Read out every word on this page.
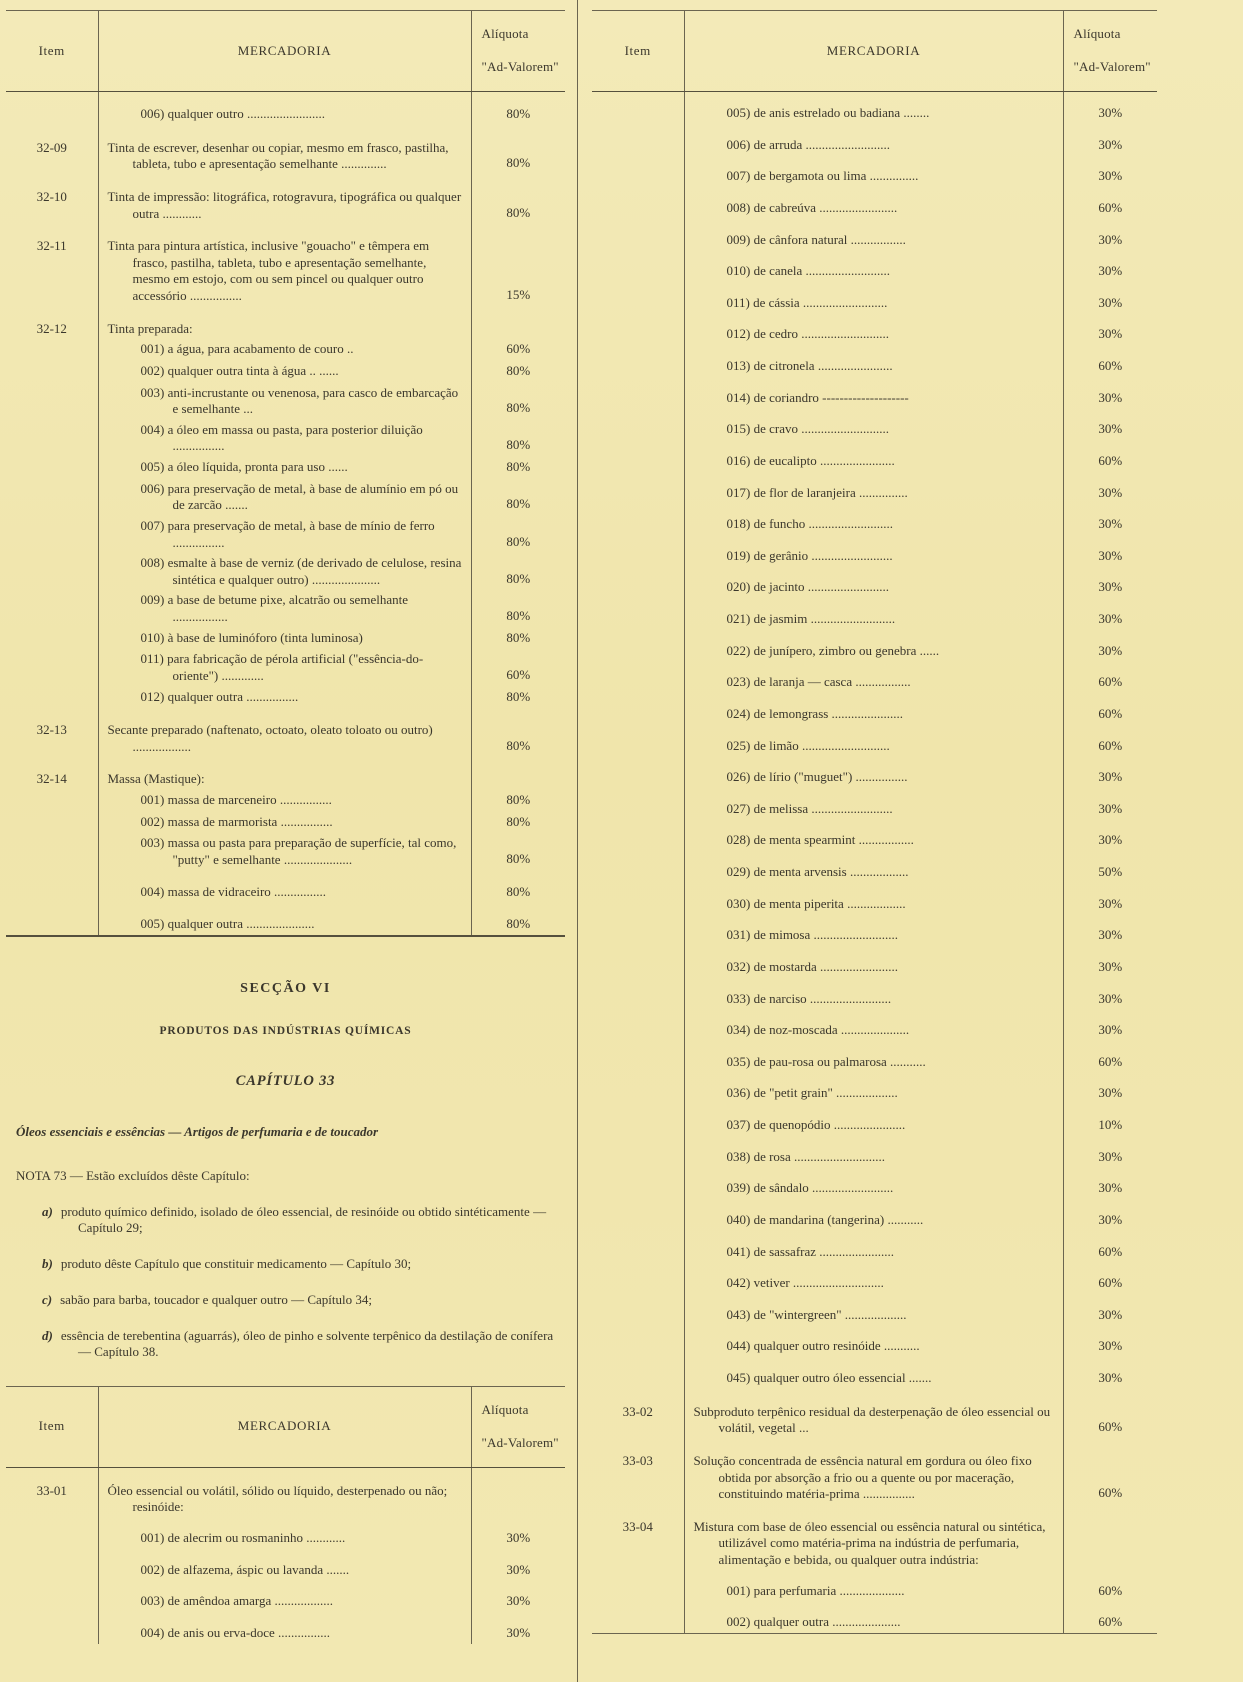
Item	MERCADORIA	Alíquota
"Ad-Valorem"

	006) qualquer outro ........................	80%
32-09	Tinta de escrever, desenhar ou copiar, mesmo em frasco, pastilha, tableta, tubo e apresentação semelhante ..............	80%
32-10	Tinta de impressão: litográfica, rotogravura, tipográfica ou qualquer outra ............	80%
32-11	Tinta para pintura artística, inclusive "gouacho" e têmpera em frasco, pastilha, tableta, tubo e apresentação semelhante, mesmo em estojo, com ou sem pincel ou qualquer outro accessório ................	15%
32-12	Tinta preparada:	
	001) a água, para acabamento de couro ..	60%
	002) qualquer outra tinta à água .. ......	80%
	003) anti-incrustante ou venenosa, para casco de embarcação e semelhante ...	80%
	004) a óleo em massa ou pasta, para posterior diluição ................	80%
	005) a óleo líquida, pronta para uso ......	80%
	006) para preservação de metal, à base de alumínio em pó ou de zarcão .......	80%
	007) para preservação de metal, à base de mínio de ferro ................	80%
	008) esmalte à base de verniz (de derivado de celulose, resina sintética e qualquer outro) .....................	80%
	009) a base de betume pixe, alcatrão ou semelhante .................	80%
	010) à base de luminóforo (tinta luminosa)	80%
	011) para fabricação de pérola artificial ("essência-do-oriente") .............	60%
	012) qualquer outra ................	80%
32-13	Secante preparado (naftenato, octoato, oleato toloato ou outro) ..................	80%
32-14	Massa (Mastique):	
	001) massa de marceneiro ................	80%
	002) massa de marmorista ................	80%
	003) massa ou pasta para preparação de superfície, tal como, "putty" e semelhante .....................	80%
	004) massa de vidraceiro ................	80%
	005) qualquer outra .....................	80%

SECÇÃO VI

PRODUTOS DAS INDÚSTRIAS QUÍMICAS

CAPÍTULO 33

Óleos essenciais e essências — Artigos de perfumaria e de toucador

NOTA 73 — Estão excluídos dêste Capítulo:

a) produto químico definido, isolado de óleo essencial, de resinóide ou obtido sintéticamente — Capítulo 29;

b) produto dêste Capítulo que constituir medicamento — Capítulo 30;

c) sabão para barba, toucador e qualquer outro — Capítulo 34;

d) essência de terebentina (aguarrás), óleo de pinho e solvente terpênico da destilação de conífera — Capítulo 38.

Item	MERCADORIA	Alíquota
"Ad-Valorem"

33-01	Óleo essencial ou volátil, sólido ou líquido, desterpenado ou não; resinóide:	
	001) de alecrim ou rosmaninho ............	30%
	002) de alfazema, áspic ou lavanda .......	30%
	003) de amêndoa amarga ..................	30%
	004) de anis ou erva-doce ................	30%
Item	MERCADORIA	Alíquota
"Ad-Valorem"

	005) de anis estrelado ou badiana ........	30%
	006) de arruda ..........................	30%
	007) de bergamota ou lima ...............	30%
	008) de cabreúva ........................	60%
	009) de cânfora natural .................	30%
	010) de canela ..........................	30%
	011) de cássia ..........................	30%
	012) de cedro ...........................	30%
	013) de citronela .......................	60%
	014) de coriandro --------------------	30%
	015) de cravo ...........................	30%
	016) de eucalipto .......................	60%
	017) de flor de laranjeira ...............	30%
	018) de funcho ..........................	30%
	019) de gerânio .........................	30%
	020) de jacinto .........................	30%
	021) de jasmim ..........................	30%
	022) de junípero, zimbro ou genebra ......	30%
	023) de laranja — casca .................	60%
	024) de lemongrass ......................	60%
	025) de limão ...........................	60%
	026) de lírio ("muguet") ................	30%
	027) de melissa .........................	30%
	028) de menta spearmint .................	30%
	029) de menta arvensis ..................	50%
	030) de menta piperita ..................	30%
	031) de mimosa ..........................	30%
	032) de mostarda ........................	30%
	033) de narciso .........................	30%
	034) de noz-moscada .....................	30%
	035) de pau-rosa ou palmarosa ...........	60%
	036) de "petit grain" ...................	30%
	037) de quenopódio ......................	10%
	038) de rosa ............................	30%
	039) de sândalo .........................	30%
	040) de mandarina (tangerina) ...........	30%
	041) de sassafraz .......................	60%
	042) vetiver ............................	60%
	043) de "wintergreen" ...................	30%
	044) qualquer outro resinóide ...........	30%
	045) qualquer outro óleo essencial .......	30%
33-02	Subproduto terpênico residual da desterpenação de óleo essencial ou volátil, vegetal ...	60%
33-03	Solução concentrada de essência natural em gordura ou óleo fixo obtida por absorção a frio ou a quente ou por maceração, constituindo matéria-prima ................	60%
33-04	Mistura com base de óleo essencial ou essência natural ou sintética, utilizável como matéria-prima na indústria de perfumaria, alimentação e bebida, ou qualquer outra indústria:	
	001) para perfumaria ....................	60%
	002) qualquer outra .....................	60%
